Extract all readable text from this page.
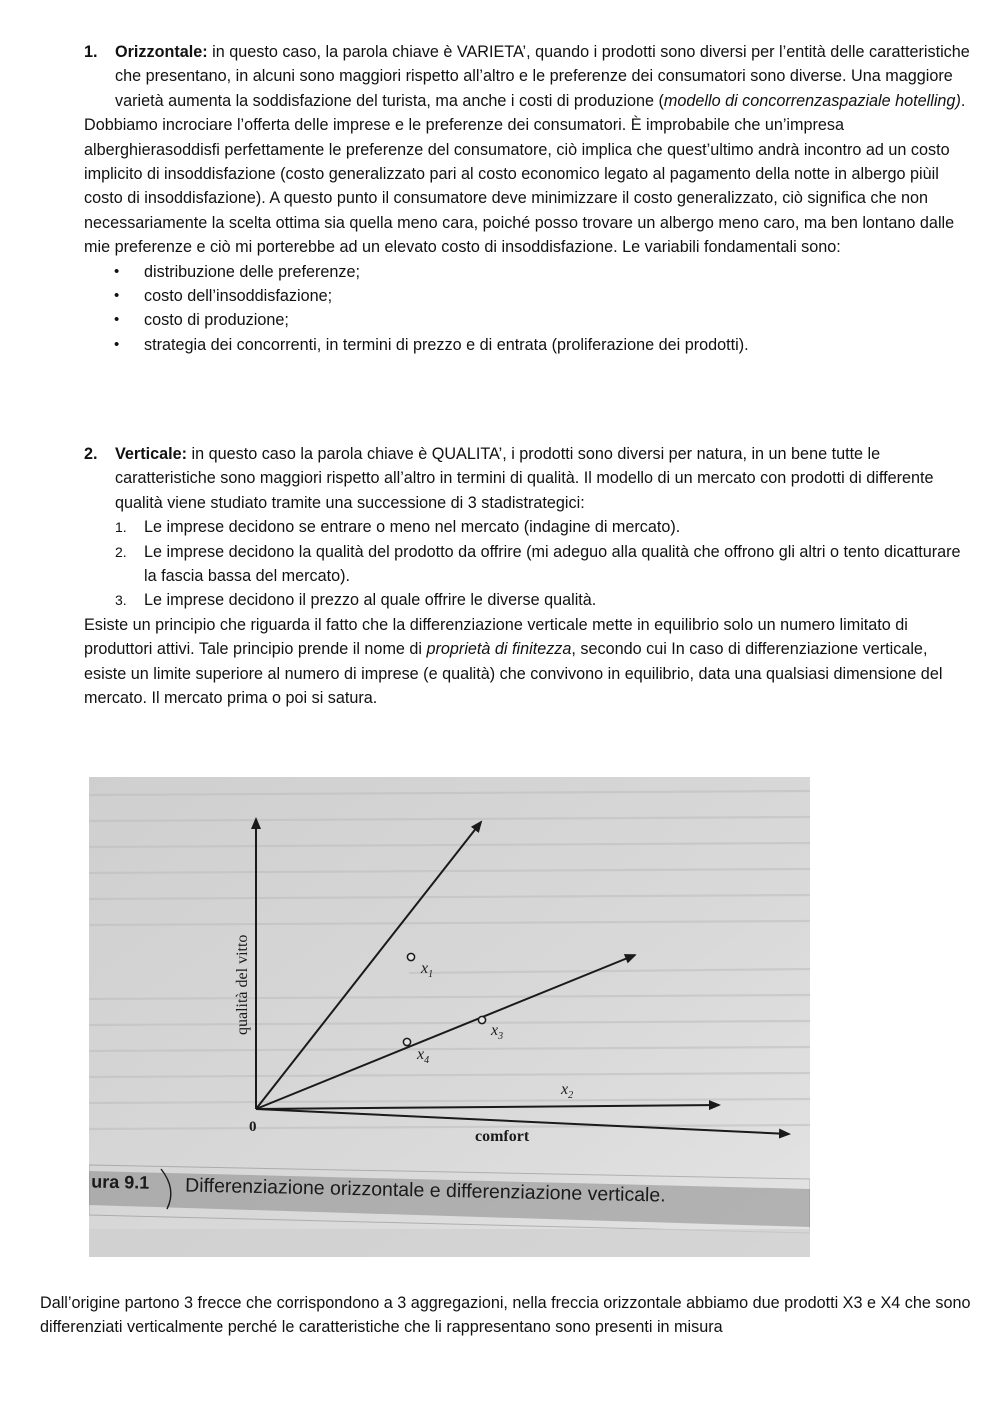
1. Orizzontale: in questo caso, la parola chiave è VARIETA’, quando i prodotti sono diversi per l’entità delle caratteristiche che presentano, in alcuni sono maggiori rispetto all’altro e le preferenze dei consumatori sono diverse. Una maggiore varietà aumenta la soddisfazione del turista, ma anche i costi di produzione (modello di concorrenzaspaziale hotelling).

Dobbiamo incrociare l’offerta delle imprese e le preferenze dei consumatori. È improbabile che un’impresa alberghierasoddisfi perfettamente le preferenze del consumatore, ciò implica che quest’ultimo andrà incontro ad un costo implicito di insoddisfazione (costo generalizzato pari al costo economico legato al pagamento della notte in albergo piùil costo di insoddisfazione). A questo punto il consumatore deve minimizzare il costo generalizzato, ciò significa che non necessariamente la scelta ottima sia quella meno cara, poiché posso trovare un albergo meno caro, ma ben lontano dalle mie preferenze e ciò mi porterebbe ad un elevato costo di insoddisfazione. Le variabili fondamentali sono:

• distribuzione delle preferenze;
• costo dell’insoddisfazione;
• costo di produzione;
• strategia dei concorrenti, in termini di prezzo e di entrata (proliferazione dei prodotti).
2. Verticale: in questo caso la parola chiave è QUALITA’, i prodotti sono diversi per natura, in un bene tutte le caratteristiche sono maggiori rispetto all’altro in termini di qualità. Il modello di un mercato con prodotti di differente qualità viene studiato tramite una successione di 3 stadistrategici:

1. Le imprese decidono se entrare o meno nel mercato (indagine di mercato).
2. Le imprese decidono la qualità del prodotto da offrire (mi adeguo alla qualità che offrono gli altri o tento dicatturare la fascia bassa del mercato).
3. Le imprese decidono il prezzo al quale offrire le diverse qualità.

Esiste un principio che riguarda il fatto che la differenziazione verticale mette in equilibrio solo un numero limitato di produttori attivi. Tale principio prende il nome di proprietà di finitezza, secondo cui In caso di differenziazione verticale, esiste un limite superiore al numero di imprese (e qualità) che convivono in equilibrio, data una qualsiasi dimensione del mercato. Il mercato prima o poi si satura.

$x_1$
$x_3$
$x_4$
$x_2$
qualità del vitto
comfort
0
ura 9.1 Differenziazione orizzontale e differenziazione verticale.

Dall’origine partono 3 frecce che corrispondono a 3 aggregazioni, nella freccia orizzontale abbiamo due prodotti X3 e X4 che sono differenziati verticalmente perché le caratteristiche che li rappresentano sono presenti in misura
